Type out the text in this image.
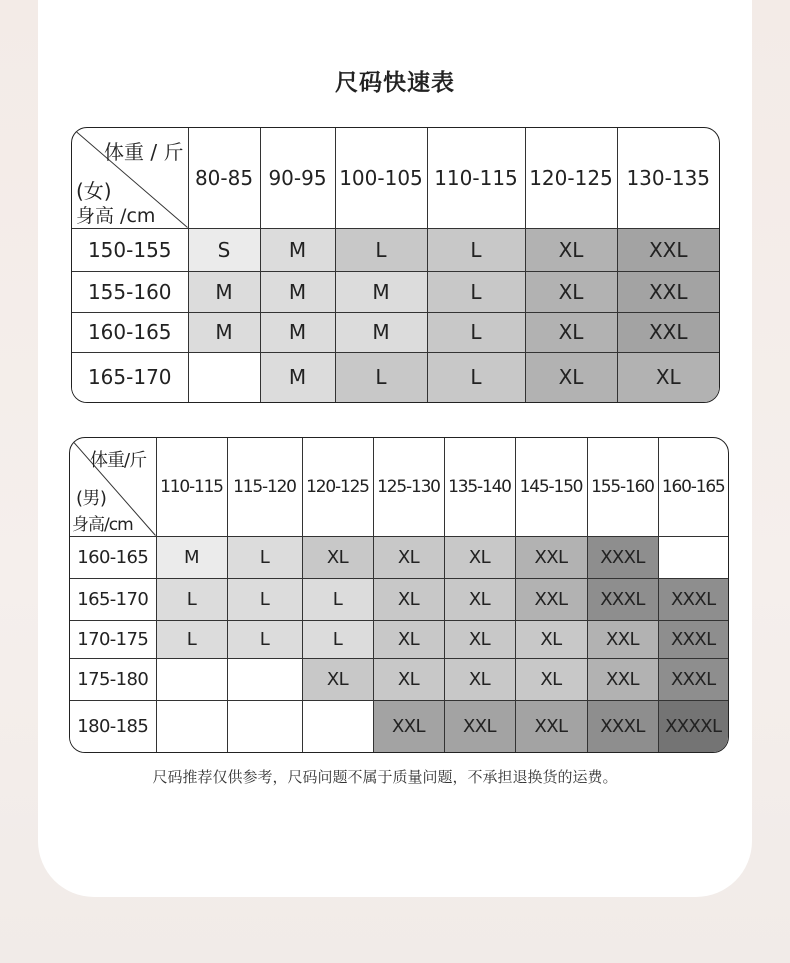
尺码快速表
体重 / 斤
(女)
身高 /cm	80-85	90-95	100-105	110-115	120-125	130-135
150-155	S	M	L	L	XL	XXL
155-160	M	M	M	L	XL	XXL
160-165	M	M	M	L	XL	XXL
165-170		M	L	L	XL	XL
体重/斤
(男)
身高/cm	110-115	115-120	120-125	125-130	135-140	145-150	155-160	160-165
160-165	M	L	XL	XL	XL	XXL	XXXL	
165-170	L	L	L	XL	XL	XXL	XXXL	XXXL
170-175	L	L	L	XL	XL	XL	XXL	XXXL
175-180			XL	XL	XL	XL	XXL	XXXL
180-185				XXL	XXL	XXL	XXXL	XXXXL
尺码推荐仅供参考，尺码问题不属于质量问题，不承担退换货的运费。
